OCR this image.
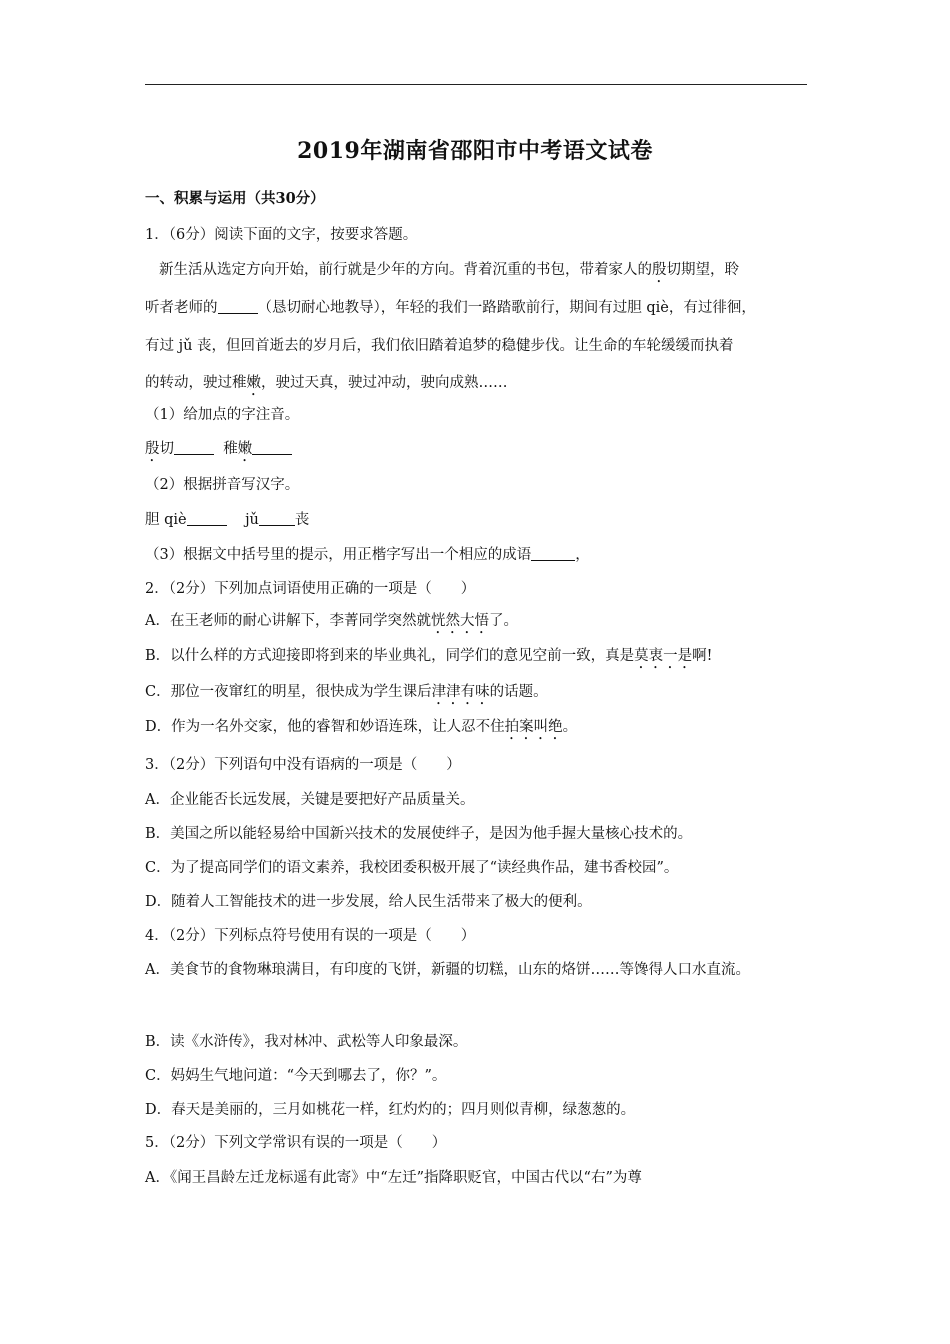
2019年湖南省邵阳市中考语文试卷
一、积累与运用（共30分）
1．（6分）阅读下面的文字，按要求答题。
新生活从选定方向开始，前行就是少年的方向。背着沉重的书包，带着家人的殷切期望，聆
听者老师的	（恳切耐心地教导），年轻的我们一路踏歌前行，期间有过胆 qiè，有过徘徊，
有过 jǔ 丧，但回首逝去的岁月后，我们依旧踏着追梦的稳健步伐。让生命的车轮缓缓而执着
的转动，驶过稚嫩，驶过天真，驶过冲动，驶向成熟……
（1）给加点的字注音。
殷切	稚嫩
（2）根据拼音写汉字。
胆 qiè	jǔ 丧
（3）根据文中括号里的提示，用正楷字写出一个相应的成语	，
2．（2分）下列加点词语使用正确的一项是（　　）
A．在王老师的耐心讲解下，李菁同学突然就恍然大悟了。
B．以什么样的方式迎接即将到来的毕业典礼，同学们的意见空前一致，真是莫衷一是啊!
C．那位一夜窜红的明星，很快成为学生课后津津有味的话题。
D．作为一名外交家，他的睿智和妙语连珠，让人忍不住拍案叫绝。
3．（2分）下列语句中没有语病的一项是（　　）
A．企业能否长远发展，关键是要把好产品质量关。
B．美国之所以能轻易给中国新兴技术的发展使绊子，是因为他手握大量核心技术的。
C．为了提高同学们的语文素养，我校团委积极开展了“读经典作品，建书香校园”。
D．随着人工智能技术的进一步发展，给人民生活带来了极大的便利。
4．（2分）下列标点符号使用有误的一项是（　　）
A．美食节的食物琳琅满目，有印度的飞饼，新疆的切糕，山东的烙饼……等馋得人口水直流。
B．读《水浒传》，我对林冲、武松等人印象最深。
C．妈妈生气地问道：“今天到哪去了，你？”。
D．春天是美丽的，三月如桃花一样，红灼灼的；四月则似青柳，绿葱葱的。
5．（2分）下列文学常识有误的一项是（　　）
A．《闻王昌龄左迁龙标遥有此寄》中“左迁”指降职贬官，中国古代以“右”为尊
